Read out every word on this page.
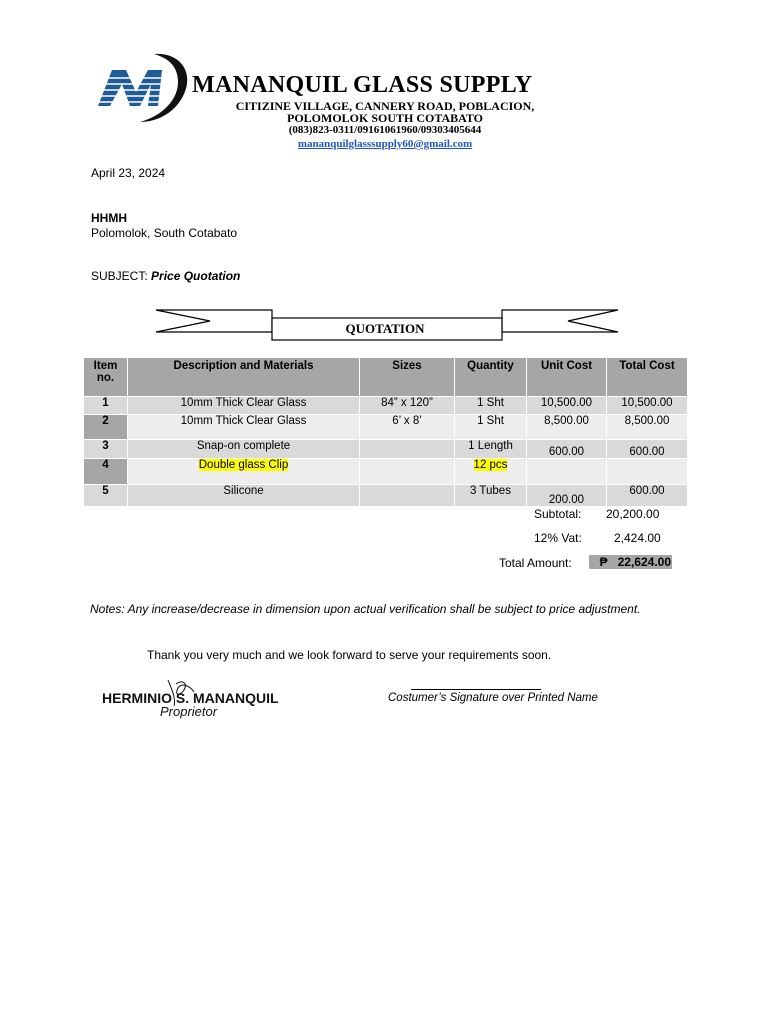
MANANQUIL GLASS SUPPLY
CITIZINE VILLAGE, CANNERY ROAD, POBLACION,
POLOMOLOK SOUTH COTABATO
(083)823-0311/09161061960/09303405644
mananquilglasssupply60@gmail.com
April 23, 2024
HHMH
Polomolok, South Cotabato
SUBJECT: Price Quotation
QUOTATION
Item no.	Description and Materials	Sizes	Quantity	Unit Cost	Total Cost
1	10mm Thick Clear Glass	84” x 120”	1 Sht	10,500.00	10,500.00
2	10mm Thick Clear Glass	6’ x 8’	1 Sht	8,500.00	8,500.00
3	Snap-on complete		1 Length	600.00	600.00
4	Double glass Clip		12 pcs		
5	Silicone		3 Tubes	200.00	600.00
Subtotal: 20,200.00
12% Vat:	2,424.00
Total Amount:	₱   22,624.00
Notes: Any increase/decrease in dimension upon actual verification shall be subject to price adjustment.
Thank you very much and we look forward to serve your requirements soon.
HERMINIO S. MANANQUIL
Proprietor
Costumer’s Signature over Printed Name
